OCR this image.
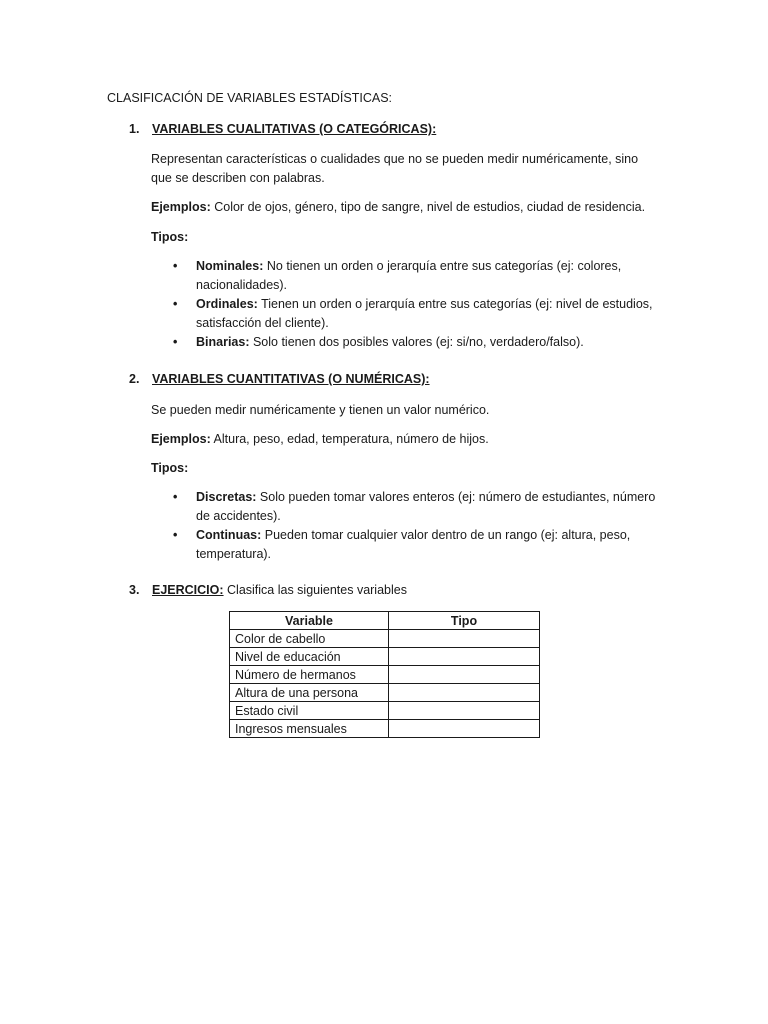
CLASIFICACIÓN DE VARIABLES ESTADÍSTICAS:
1. VARIABLES CUALITATIVAS (O CATEGÓRICAS):
Representan características o cualidades que no se pueden medir numéricamente, sino
que se describen con palabras.
Ejemplos: Color de ojos, género, tipo de sangre, nivel de estudios, ciudad de residencia.
Tipos:
• Nominales: No tienen un orden o jerarquía entre sus categorías (ej: colores,
nacionalidades).
• Ordinales: Tienen un orden o jerarquía entre sus categorías (ej: nivel de estudios,
satisfacción del cliente).
• Binarias: Solo tienen dos posibles valores (ej: si/no, verdadero/falso).
2. VARIABLES CUANTITATIVAS (O NUMÉRICAS):
Se pueden medir numéricamente y tienen un valor numérico.
Ejemplos: Altura, peso, edad, temperatura, número de hijos.
Tipos:
• Discretas: Solo pueden tomar valores enteros (ej: número de estudiantes, número
de accidentes).
• Continuas: Pueden tomar cualquier valor dentro de un rango (ej: altura, peso,
temperatura).
3. EJERCICIO: Clasifica las siguientes variables
Variable	Tipo
Color de cabello	
Nivel de educación	
Número de hermanos	
Altura de una persona	
Estado civil	
Ingresos mensuales	
